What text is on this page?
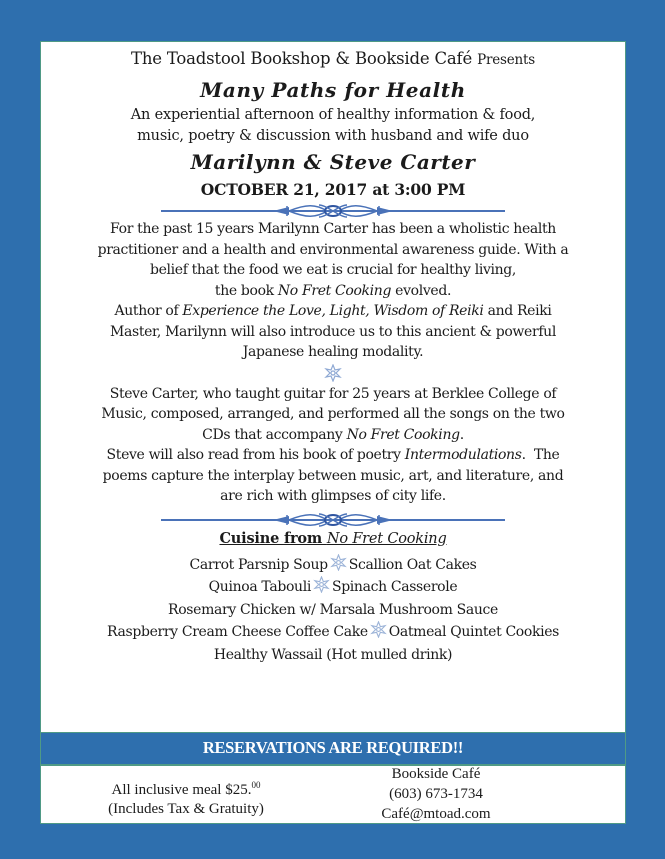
The Toadstool Bookshop & Bookside Café Presents
Many Paths for Health
An experiential afternoon of healthy information & food,
music, poetry & discussion with husband and wife duo
Marilynn & Steve Carter
OCTOBER 21, 2017 at 3:00 PM
For the past 15 years Marilynn Carter has been a wholistic health
practitioner and a health and environmental awareness guide. With a
belief that the food we eat is crucial for healthy living,
the book No Fret Cooking evolved.
Author of Experience the Love, Light, Wisdom of Reiki and Reiki
Master, Marilynn will also introduce us to this ancient & powerful
Japanese healing modality.
Steve Carter, who taught guitar for 25 years at Berklee College of
Music, composed, arranged, and performed all the songs on the two
CDs that accompany No Fret Cooking.
Steve will also read from his book of poetry Intermodulations.  The
poems capture the interplay between music, art, and literature, and
are rich with glimpses of city life.
Cuisine from No Fret Cooking
Carrot Parsnip Soup Scallion Oat Cakes
Quinoa Tabouli Spinach Casserole
Rosemary Chicken w/ Marsala Mushroom Sauce
Raspberry Cream Cheese Coffee Cake Oatmeal Quintet Cookies
Healthy Wassail (Hot mulled drink)
RESERVATIONS ARE REQUIRED!!
All inclusive meal $25.00
(Includes Tax & Gratuity)
Bookside Café
(603) 673-1734
Café@mtoad.com
